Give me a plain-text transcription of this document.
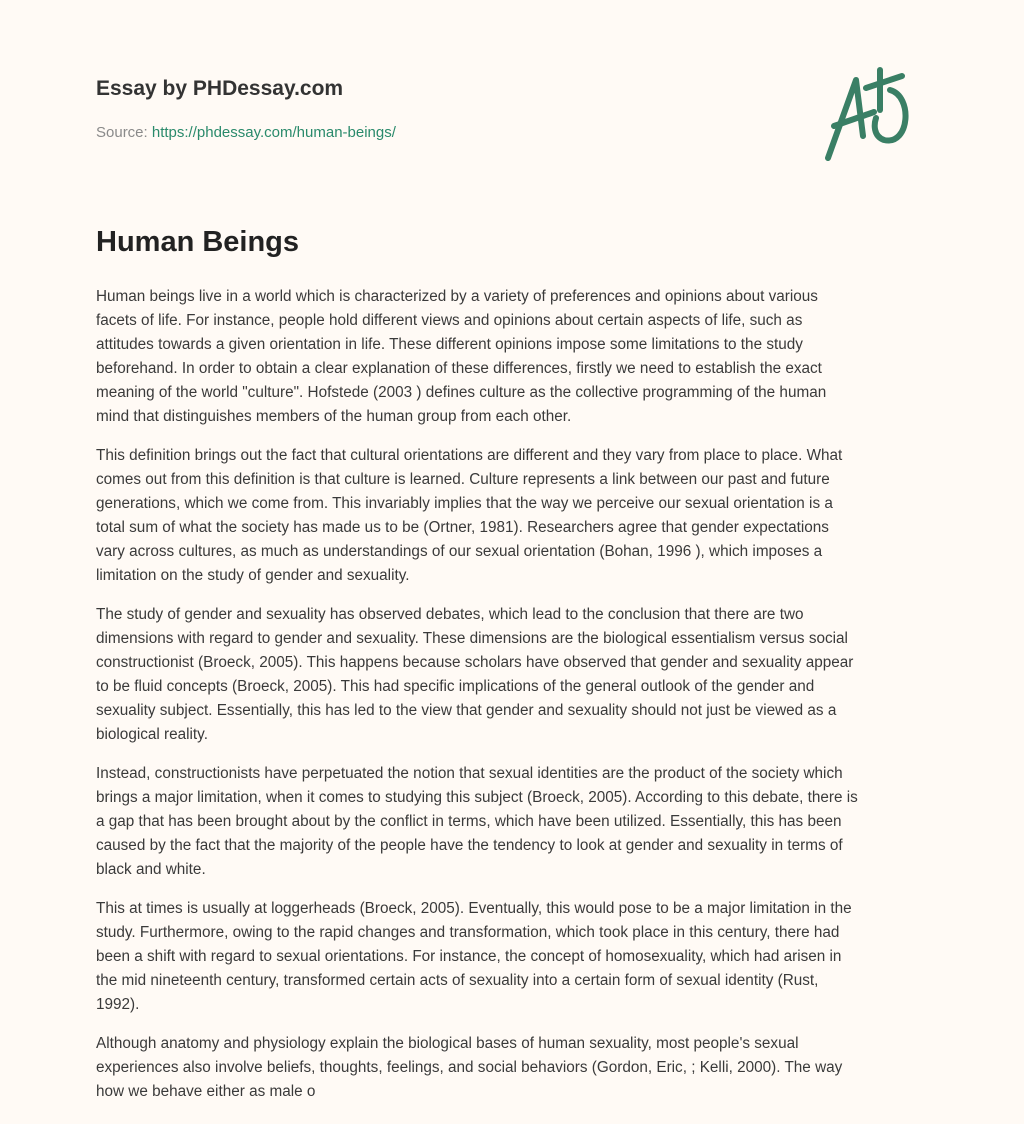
Essay by PHDessay.com
Source: https://phdessay.com/human-beings/
Human Beings

Human beings live in a world which is characterized by a variety of preferences and opinions about various
facets of life. For instance, people hold different views and opinions about certain aspects of life, such as
attitudes towards a given orientation in life. These different opinions impose some limitations to the study
beforehand. In order to obtain a clear explanation of these differences, firstly we need to establish the exact
meaning of the world "culture". Hofstede (2003 ) defines culture as the collective programming of the human
mind that distinguishes members of the human group from each other.

This definition brings out the fact that cultural orientations are different and they vary from place to place. What
comes out from this definition is that culture is learned. Culture represents a link between our past and future
generations, which we come from. This invariably implies that the way we perceive our sexual orientation is a
total sum of what the society has made us to be (Ortner, 1981). Researchers agree that gender expectations
vary across cultures, as much as understandings of our sexual orientation (Bohan, 1996 ), which imposes a
limitation on the study of gender and sexuality.

The study of gender and sexuality has observed debates, which lead to the conclusion that there are two
dimensions with regard to gender and sexuality. These dimensions are the biological essentialism versus social
constructionist (Broeck, 2005). This happens because scholars have observed that gender and sexuality appear
to be fluid concepts (Broeck, 2005). This had specific implications of the general outlook of the gender and
sexuality subject. Essentially, this has led to the view that gender and sexuality should not just be viewed as a
biological reality.

Instead, constructionists have perpetuated the notion that sexual identities are the product of the society which
brings a major limitation, when it comes to studying this subject (Broeck, 2005). According to this debate, there is
a gap that has been brought about by the conflict in terms, which have been utilized. Essentially, this has been
caused by the fact that the majority of the people have the tendency to look at gender and sexuality in terms of
black and white.

This at times is usually at loggerheads (Broeck, 2005). Eventually, this would pose to be a major limitation in the
study. Furthermore, owing to the rapid changes and transformation, which took place in this century, there had
been a shift with regard to sexual orientations. For instance, the concept of homosexuality, which had arisen in
the mid nineteenth century, transformed certain acts of sexuality into a certain form of sexual identity (Rust,
1992).

Although anatomy and physiology explain the biological bases of human sexuality, most people's sexual
experiences also involve beliefs, thoughts, feelings, and social behaviors (Gordon, Eric, ; Kelli, 2000). The way
how we behave either as male o
